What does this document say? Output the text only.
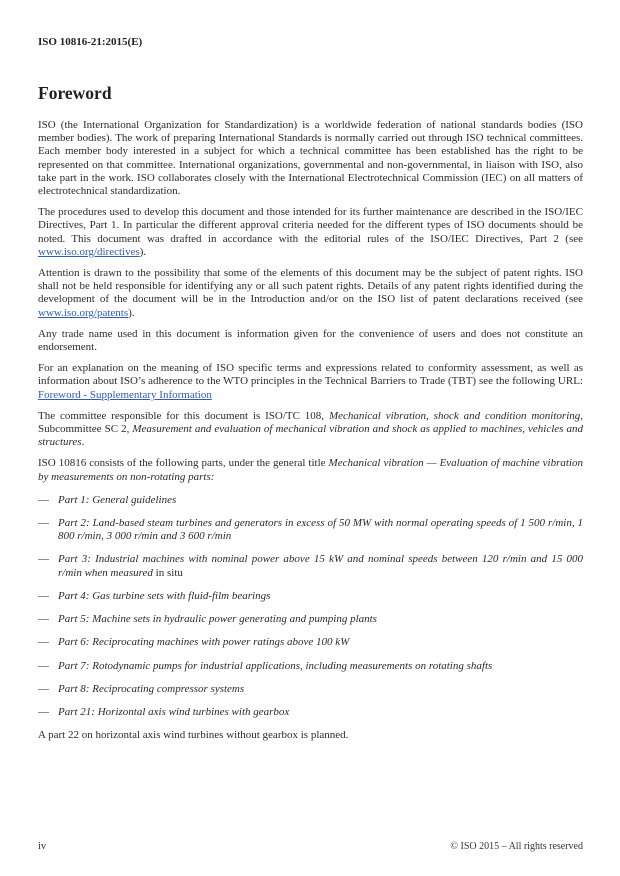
ISO 10816-21:2015(E)
Foreword

ISO (the International Organization for Standardization) is a worldwide federation of national standards bodies (ISO member bodies). The work of preparing International Standards is normally carried out through ISO technical committees. Each member body interested in a subject for which a technical committee has been established has the right to be represented on that committee. International organizations, governmental and non-governmental, in liaison with ISO, also take part in the work. ISO collaborates closely with the International Electrotechnical Commission (IEC) on all matters of electrotechnical standardization.

The procedures used to develop this document and those intended for its further maintenance are described in the ISO/IEC Directives, Part 1. In particular the different approval criteria needed for the different types of ISO documents should be noted. This document was drafted in accordance with the editorial rules of the ISO/IEC Directives, Part 2 (see www.iso.org/directives).

Attention is drawn to the possibility that some of the elements of this document may be the subject of patent rights. ISO shall not be held responsible for identifying any or all such patent rights. Details of any patent rights identified during the development of the document will be in the Introduction and/or on the ISO list of patent declarations received (see www.iso.org/patents).

Any trade name used in this document is information given for the convenience of users and does not constitute an endorsement.

For an explanation on the meaning of ISO specific terms and expressions related to conformity assessment, as well as information about ISO’s adherence to the WTO principles in the Technical Barriers to Trade (TBT) see the following URL: Foreword - Supplementary Information

The committee responsible for this document is ISO/TC 108, Mechanical vibration, shock and condition monitoring, Subcommittee SC 2, Measurement and evaluation of mechanical vibration and shock as applied to machines, vehicles and structures.

ISO 10816 consists of the following parts, under the general title Mechanical vibration — Evaluation of machine vibration by measurements on non-rotating parts:

— Part 1: General guidelines
— Part 2: Land-based steam turbines and generators in excess of 50 MW with normal operating speeds of 1 500 r/min, 1 800 r/min, 3 000 r/min and 3 600 r/min
— Part 3: Industrial machines with nominal power above 15 kW and nominal speeds between 120 r/min and 15 000 r/min when measured in situ
— Part 4: Gas turbine sets with fluid-film bearings
— Part 5: Machine sets in hydraulic power generating and pumping plants
— Part 6: Reciprocating machines with power ratings above 100 kW
— Part 7: Rotodynamic pumps for industrial applications, including measurements on rotating shafts
— Part 8: Reciprocating compressor systems
— Part 21: Horizontal axis wind turbines with gearbox

A part 22 on horizontal axis wind turbines without gearbox is planned.

iv	© ISO 2015 – All rights reserved
